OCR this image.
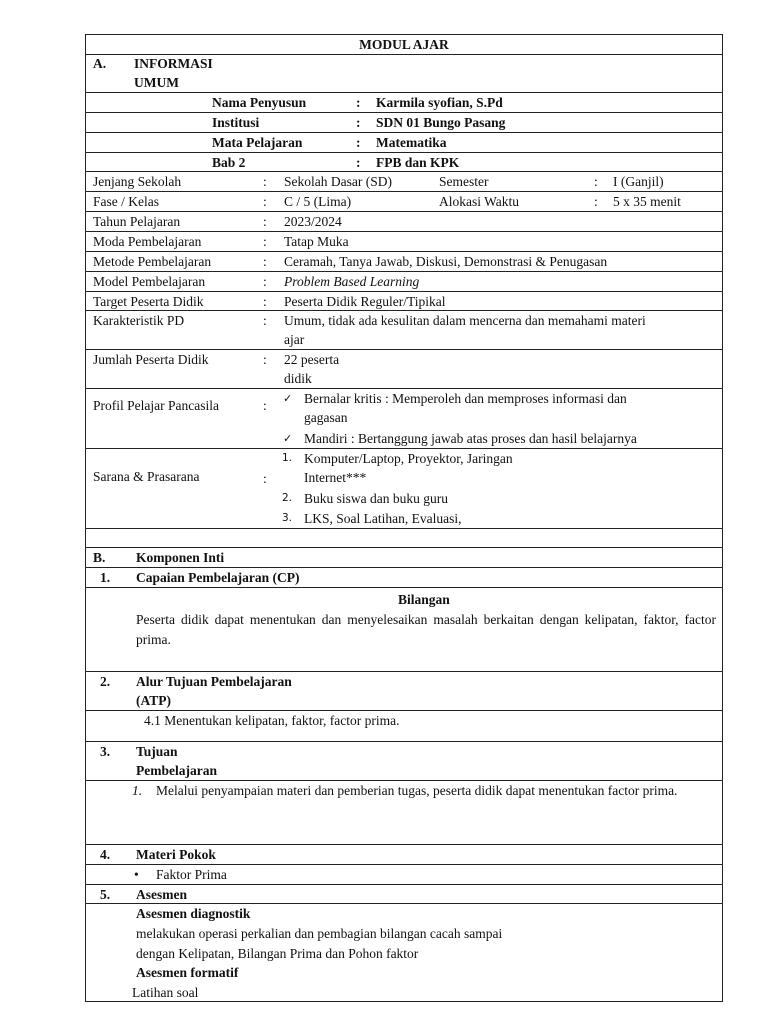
MODUL AJAR
A. INFORMASI
UMUM
Nama Penyusun	: Karmila syofian, S.Pd
Institusi	: SDN 01 Bungo Pasang
Mata Pelajaran	: Matematika
Bab 2	: FPB dan KPK
Jenjang Sekolah	: Sekolah Dasar (SD)	Semester	: I (Ganjil)
Fase / Kelas	: C / 5 (Lima)	Alokasi Waktu	: 5 x 35 menit
Tahun Pelajaran	: 2023/2024
Moda Pembelajaran	: Tatap Muka
Metode Pembelajaran	: Ceramah, Tanya Jawab, Diskusi, Demonstrasi & Penugasan
Model Pembelajaran	: Problem Based Learning
Target Peserta Didik	: Peserta Didik Reguler/Tipikal
Karakteristik PD	: Umum, tidak ada kesulitan dalam mencerna dan memahami materi
ajar
Jumlah Peserta Didik	: 22 peserta
didik
Profil Pelajar Pancasila	: ✓ Bernalar kritis : Memperoleh dan memproses informasi dan
gagasan
✓ Mandiri : Bertanggung jawab atas proses dan hasil belajarnya
Sarana & Prasarana	:
1. Komputer/Laptop, Proyektor, Jaringan
Internet***
2. Buku siswa dan buku guru
3. LKS, Soal Latihan, Evaluasi,
B. Komponen Inti
1. Capaian Pembelajaran (CP)
Bilangan
Peserta didik dapat menentukan dan menyelesaikan masalah berkaitan dengan kelipatan, faktor, factor prima.
2. Alur Tujuan Pembelajaran
(ATP)
4.1 Menentukan kelipatan, faktor, factor prima.
3. Tujuan
Pembelajaran
1. Melalui penyampaian materi dan pemberian tugas, peserta didik dapat menentukan factor prima.
4. Materi Pokok
• Faktor Prima
5. Asesmen
Asesmen diagnostik
melakukan operasi perkalian dan pembagian bilangan cacah sampai
dengan Kelipatan, Bilangan Prima dan Pohon faktor
Asesmen formatif
Latihan soal
